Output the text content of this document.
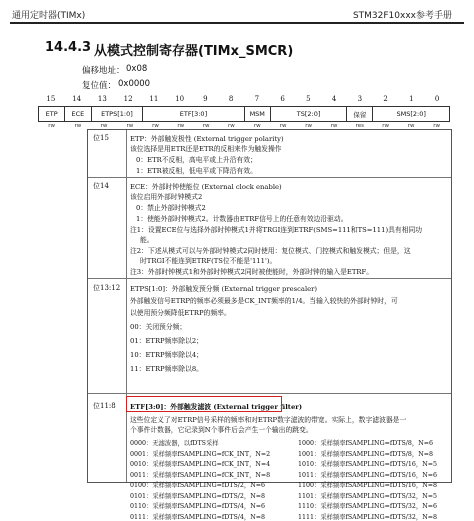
通用定时器(TIMx)	STM32F10xxx参考手册
14.4.3 从模式控制寄存器(TIMx_SMCR)
偏移地址： 0x08
复位值： 0x0000
15	14	13	12	11	10	9	8	7	6	5	4	3	2	1	0
ETP	ECE	ETPS[1:0]		ETF[3:0]				MSM	TS[2:0]			保留	SMS[2:0]		
rw	rw	rw	rw	rw	rw	rw	rw	rw	rw	rw	rw	res	rw	rw	rw
位15	ETP：外部触发极性 (External trigger polarity)
该位选择是用ETR还是ETR的反相来作为触发操作
0：ETR不反相，高电平或上升沿有效；
1：ETR被反相，低电平或下降沿有效。
位14	ECE：外部时钟使能位 (External clock enable)
该位启用外部时钟模式2
0：禁止外部时钟模式2
1：使能外部时钟模式2。计数器由ETRF信号上的任意有效边沿驱动。
注1：设置ECE位与选择外部时钟模式1并将TRGI连到ETRF(SMS=111和TS=111)具有相同功
能。
注2：下述从模式可以与外部时钟模式2同时使用：复位模式、门控模式和触发模式；但是，这
时TRGI不能连到ETRF(TS位不能是'111')。
注3：外部时钟模式1和外部时钟模式2同时被使能时，外部时钟的输入是ETRF。
位13:12 ETPS[1:0]：外部触发预分频 (External trigger prescaler)
外部触发信号ETRP的频率必须最多是CK_INT频率的1/4。当输入较快的外部时钟时，可
以使用预分频降低ETRP的频率。
00：关闭预分频；
01：ETRP频率除以2；
10：ETRP频率除以4；
11：ETRP频率除以8。
位11:8 ETF[3:0]：外部触发滤波 (External trigger filter)
这些位定义了对ETRP信号采样的频率和对ETRP数字滤波的带宽。实际上，数字滤波器是一
个事件计数器，它记录到N个事件后会产生一个输出的跳变。
0000：无滤波器，以fDTS采样
0001：采样频率fSAMPLING=fCK_INT，N=2
0010：采样频率fSAMPLING=fCK_INT，N=4
0011：采样频率fSAMPLING=fCK_INT，N=8
0100：采样频率fSAMPLING=fDTS/2，N=6
0101：采样频率fSAMPLING=fDTS/2，N=8
0110：采样频率fSAMPLING=fDTS/4，N=6
0111：采样频率fSAMPLING=fDTS/4，N=8
1000：采样频率fSAMPLING=fDTS/8，N=6
1001：采样频率fSAMPLING=fDTS/8，N=8
1010：采样频率fSAMPLING=fDTS/16，N=5
1011：采样频率fSAMPLING=fDTS/16，N=6
1100：采样频率fSAMPLING=fDTS/16，N=8
1101：采样频率fSAMPLING=fDTS/32，N=5
1110：采样频率fSAMPLING=fDTS/32，N=6
1111：采样频率fSAMPLING=fDTS/32，N=8
